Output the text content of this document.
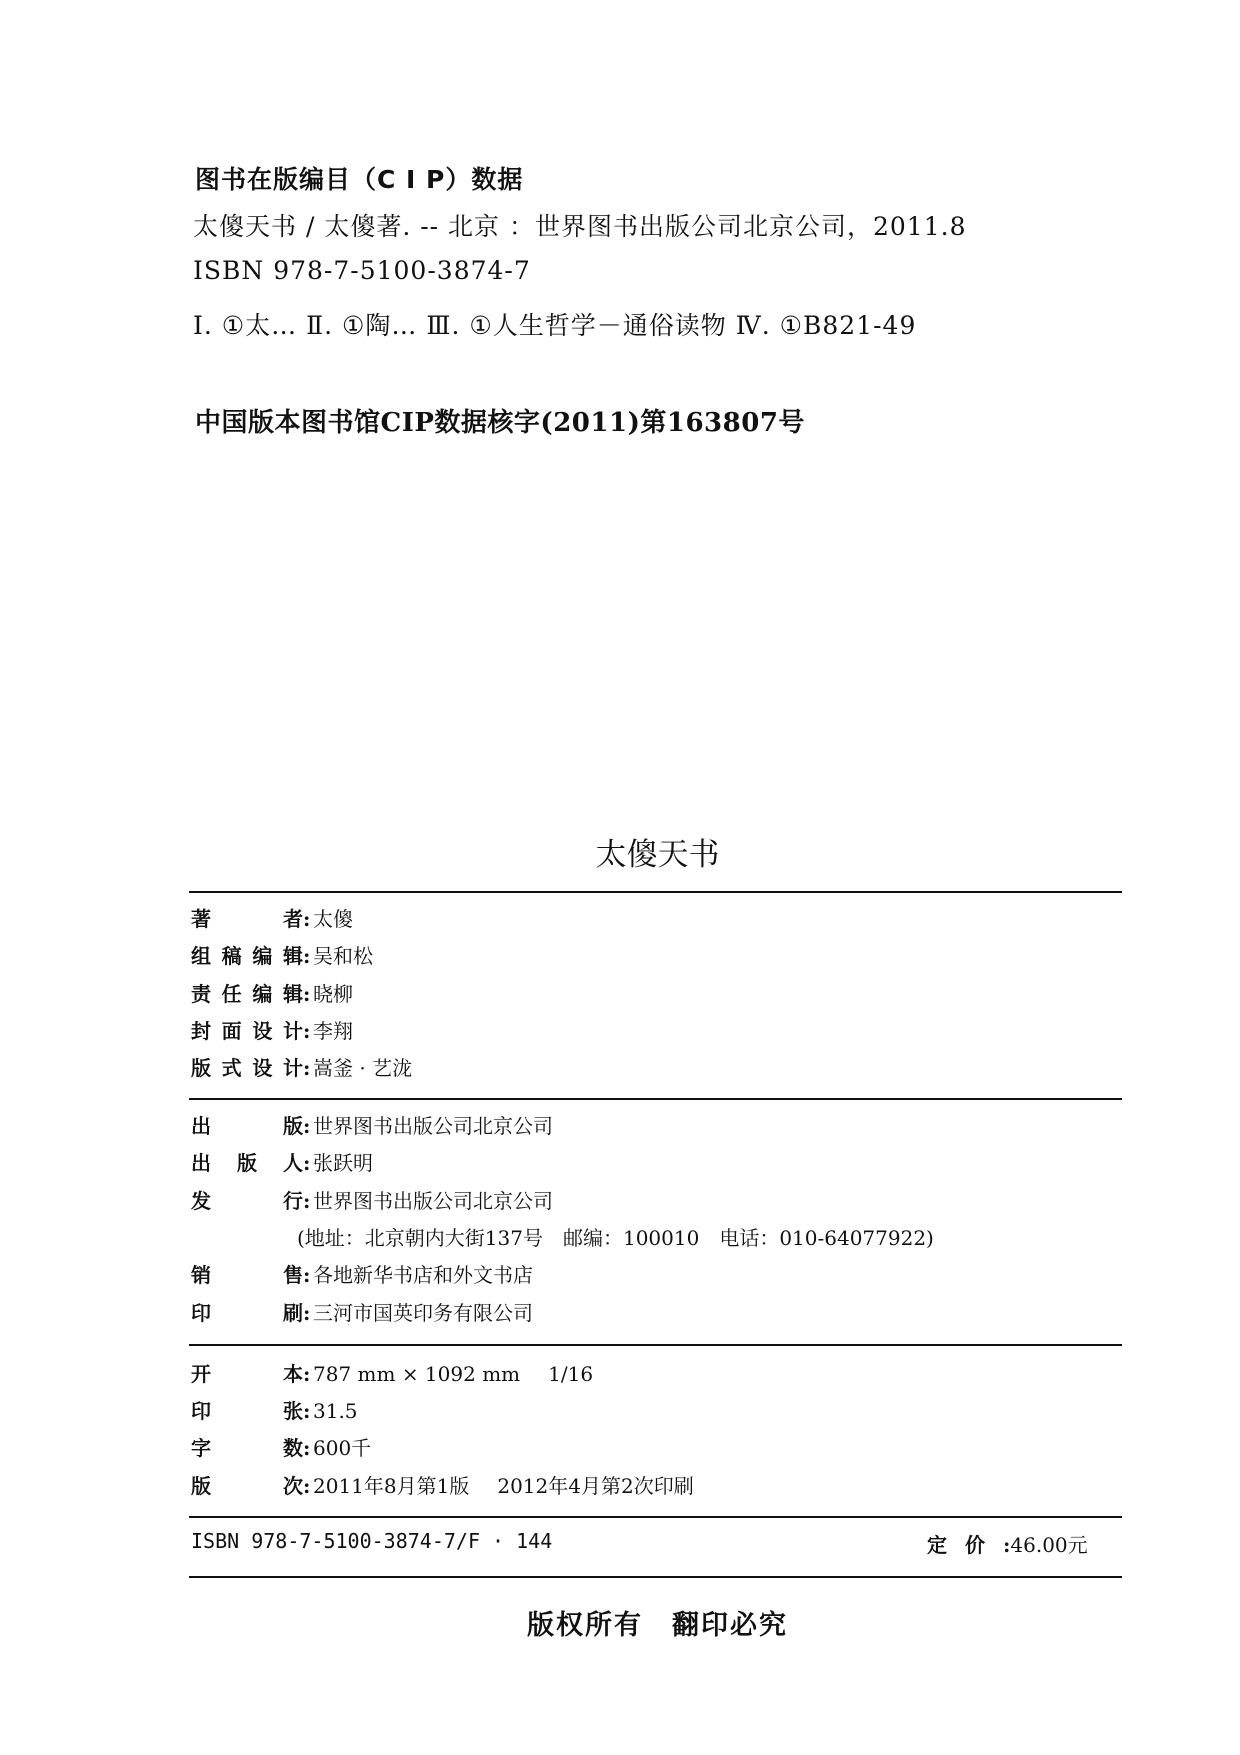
图书在版编目（C I P）数据
太傻天书 / 太傻著. -- 北京 ：世界图书出版公司北京公司，2011.8
ISBN 978-7-5100-3874-7
Ⅰ. ①太… Ⅱ. ①陶… Ⅲ. ①人生哲学－通俗读物 Ⅳ. ①B821-49
中国版本图书馆CIP数据核字(2011)第163807号
太傻天书
著者: 太傻
组稿编辑: 吴和松
责任编辑: 晓柳
封面设计: 李翔
版式设计: 嵩釜 · 艺泷
出版: 世界图书出版公司北京公司
出版人: 张跃明
发行: 世界图书出版公司北京公司
(地址：北京朝内大街137号　邮编：100010　电话：010-64077922)
销售: 各地新华书店和外文书店
印刷: 三河市国英印务有限公司
开本: 787 mm × 1092 mm 1/16
印张: 31.5
字数: 600千
版次: 2011年8月第1版 2012年4月第2次印刷
ISBN 978-7-5100-3874-7/F · 144	定价:46.00元
版权所有　翻印必究
